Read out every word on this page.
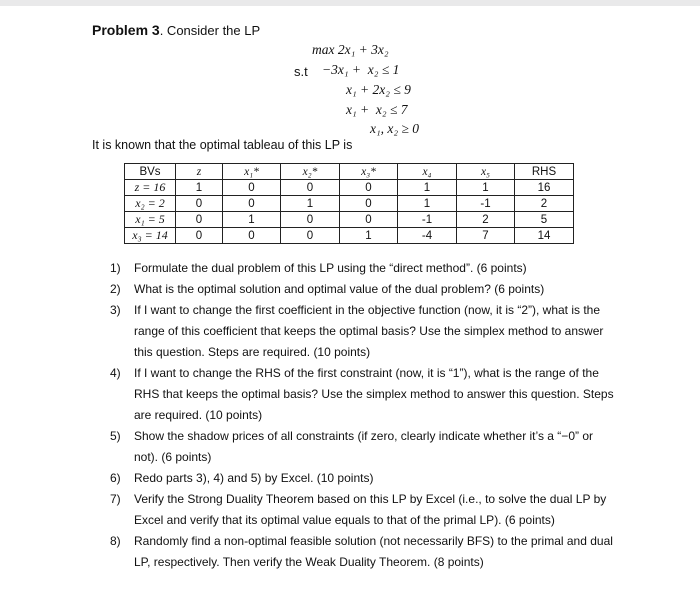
Problem 3. Consider the LP
max 2x₁ + 3x₂
s.t −3x₁ +  x₂ ≤ 1
x₁ + 2x₂ ≤ 9
x₁ +  x₂ ≤ 7
x₁, x₂ ≥ 0
It is known that the optimal tableau of this LP is
BVs	z	x₁*	x₂*	x₃*	x₄	x₅	RHS
z = 16	1	0	0	0	1	1	16
x₂ = 2	0	0	1	0	1	-1	2
x₁ = 5	0	1	0	0	-1	2	5
x₃ = 14	0	0	0	1	-4	7	14
1) Formulate the dual problem of this LP using the “direct method”. (6 points)
2) What is the optimal solution and optimal value of the dual problem? (6 points)
3) If I want to change the first coefficient in the objective function (now, it is “2”), what is the range of this coefficient that keeps the optimal basis? Use the simplex method to answer this question. Steps are required. (10 points)
4) If I want to change the RHS of the first constraint (now, it is “1”), what is the range of the RHS that keeps the optimal basis? Use the simplex method to answer this question. Steps are required. (10 points)
5) Show the shadow prices of all constraints (if zero, clearly indicate whether it’s a “−0” or not). (6 points)
6) Redo parts 3), 4) and 5) by Excel. (10 points)
7) Verify the Strong Duality Theorem based on this LP by Excel (i.e., to solve the dual LP by Excel and verify that its optimal value equals to that of the primal LP). (6 points)
8) Randomly find a non-optimal feasible solution (not necessarily BFS) to the primal and dual LP, respectively. Then verify the Weak Duality Theorem. (8 points)
